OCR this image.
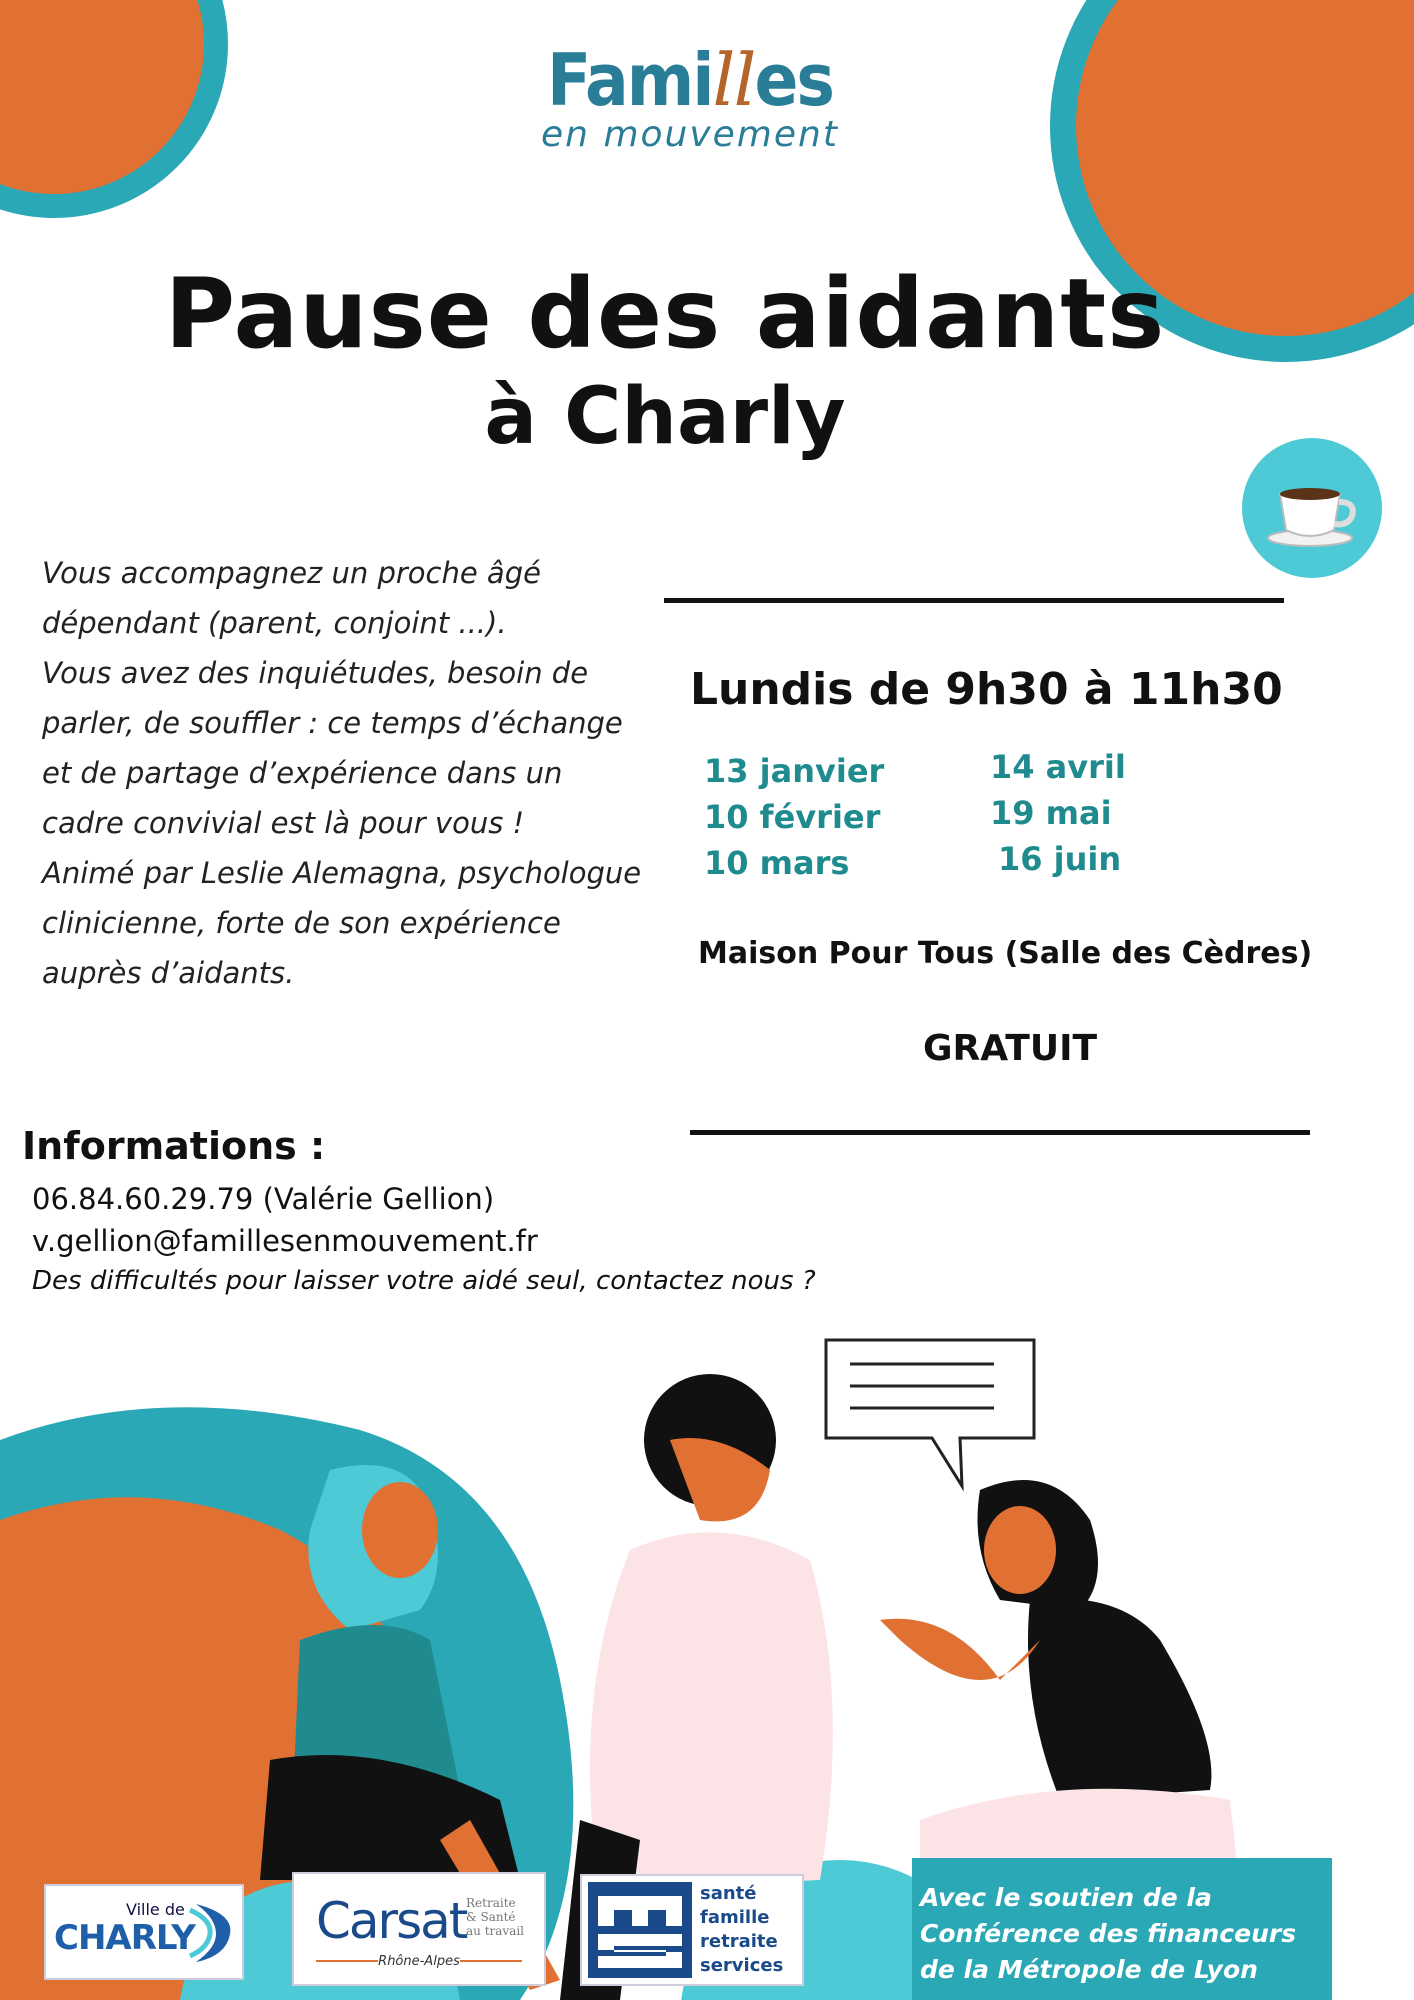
Familles
en mouvement
Pause des aidants
à Charly

Vous accompagnez un proche âgé dépendant (parent, conjoint ...).

Vous avez des inquiétudes, besoin de parler, de souffler : ce temps d’échange et de partage d’expérience dans un cadre convivial est là pour vous !

Animé par Leslie Alemagna, psychologue clinicienne, forte de son expérience auprès d’aidants.

Lundis de 9h30 à 11h30
13 janvier
10 février
10 mars
14 avril
19 mai
16 juin
Maison Pour Tous (Salle des Cèdres)
GRATUIT
Informations :
06.84.60.29.79 (Valérie Gellion)
v.gellion@famillesenmouvement.fr
Des difficultés pour laisser votre aidé seul, contactez nous ?
Ville de
CHARLY Carsat Retraite
& Santé
au travail
Rhône-Alpes
santé
famille
retraite
services
Avec le soutien de la
Conférence des financeurs
de la Métropole de Lyon
